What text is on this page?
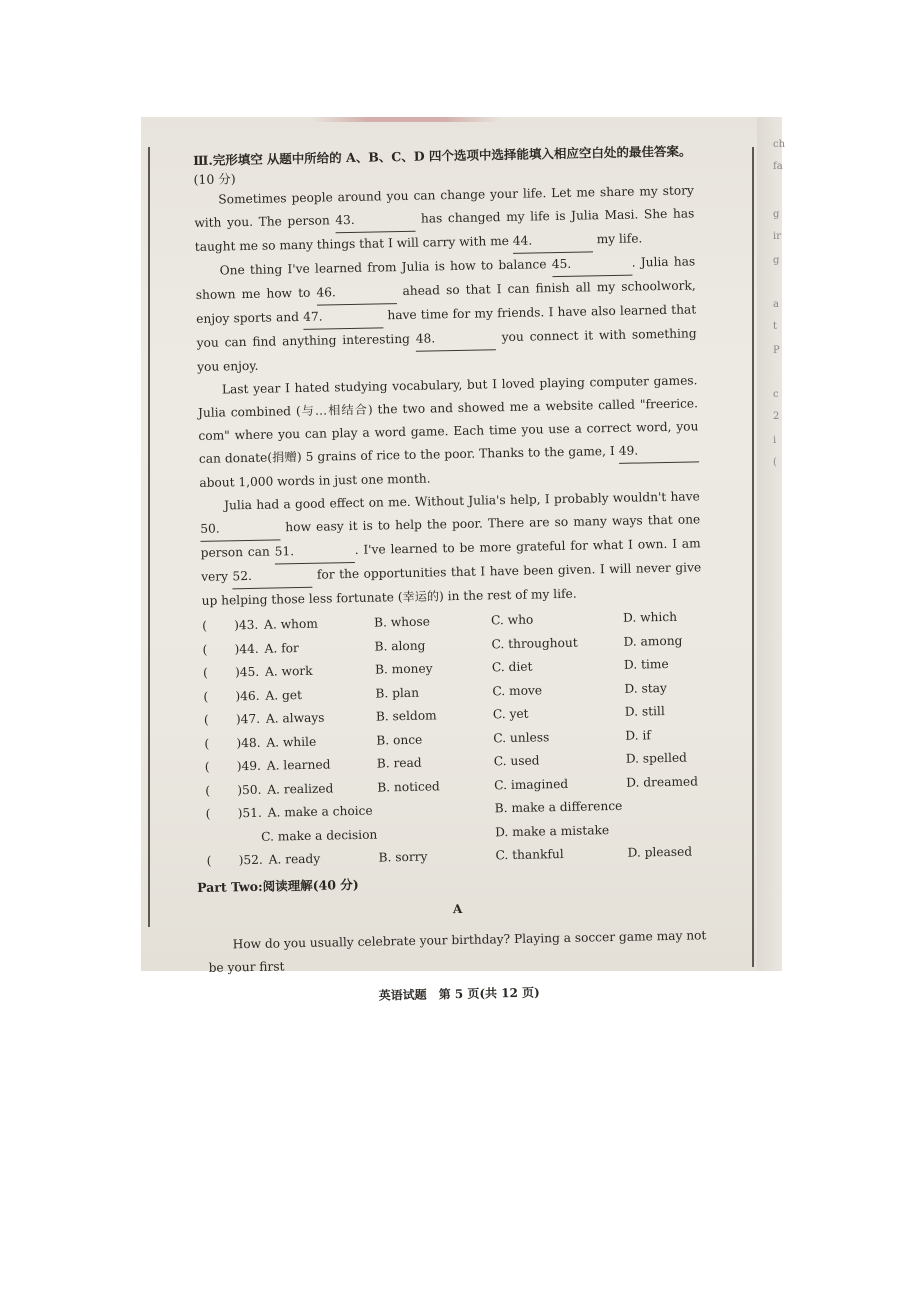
ch
fa
g
ir
g
a
t
P
c
2
i
(
Ⅲ.完形填空 从题中所给的 A、B、C、D 四个选项中选择能填入相应空白处的最佳答案。
(10 分)

Sometimes people around you can change your life. Let me share my story with you. The person 43.	has changed my life is Julia Masi. She has taught me so many things that I will carry with me 44.	my life.

One thing I've learned from Julia is how to balance 45.	. Julia has shown me how to 46.	ahead so that I can finish all my schoolwork, enjoy sports and 47.	have time for my friends. I have also learned that you can find anything interesting 48.	you connect it with something you enjoy.

Last year I hated studying vocabulary, but I loved playing computer games. Julia combined (与…相结合) the two and showed me a website called "freerice. com" where you can play a word game. Each time you use a correct word, you can donate(捐赠) 5 grains of rice to the poor. Thanks to the game, I 49. about 1,000 words in just one month.

Julia had a good effect on me. Without Julia's help, I probably wouldn't have 50.	how easy it is to help the poor. There are so many ways that one person can 51.	. I've learned to be more grateful for what I own. I am very 52.	for the opportunities that I have been given. I will never give up helping those less fortunate (幸运的) in the rest of my life.

(	)43. A. whom	B. whose	C. who	D. which
(	)44. A. for	B. along	C. throughout	D. among
(	)45. A. work	B. money	C. diet	D. time
(	)46. A. get	B. plan	C. move	D. stay
(	)47. A. always	B. seldom	C. yet	D. still
(	)48. A. while	B. once	C. unless	D. if
(	)49. A. learned	B. read	C. used	D. spelled
(	)50. A. realized	B. noticed	C. imagined	D. dreamed
(	)51. A. make a choice	B. make a difference
C. make a decision	D. make a mistake
(	)52. A. ready	B. sorry	C. thankful	D. pleased
Part Two:阅读理解(40 分)
A
How do you usually celebrate your birthday? Playing a soccer game may not be your first
英语试题　第 5 页(共 12 页)
